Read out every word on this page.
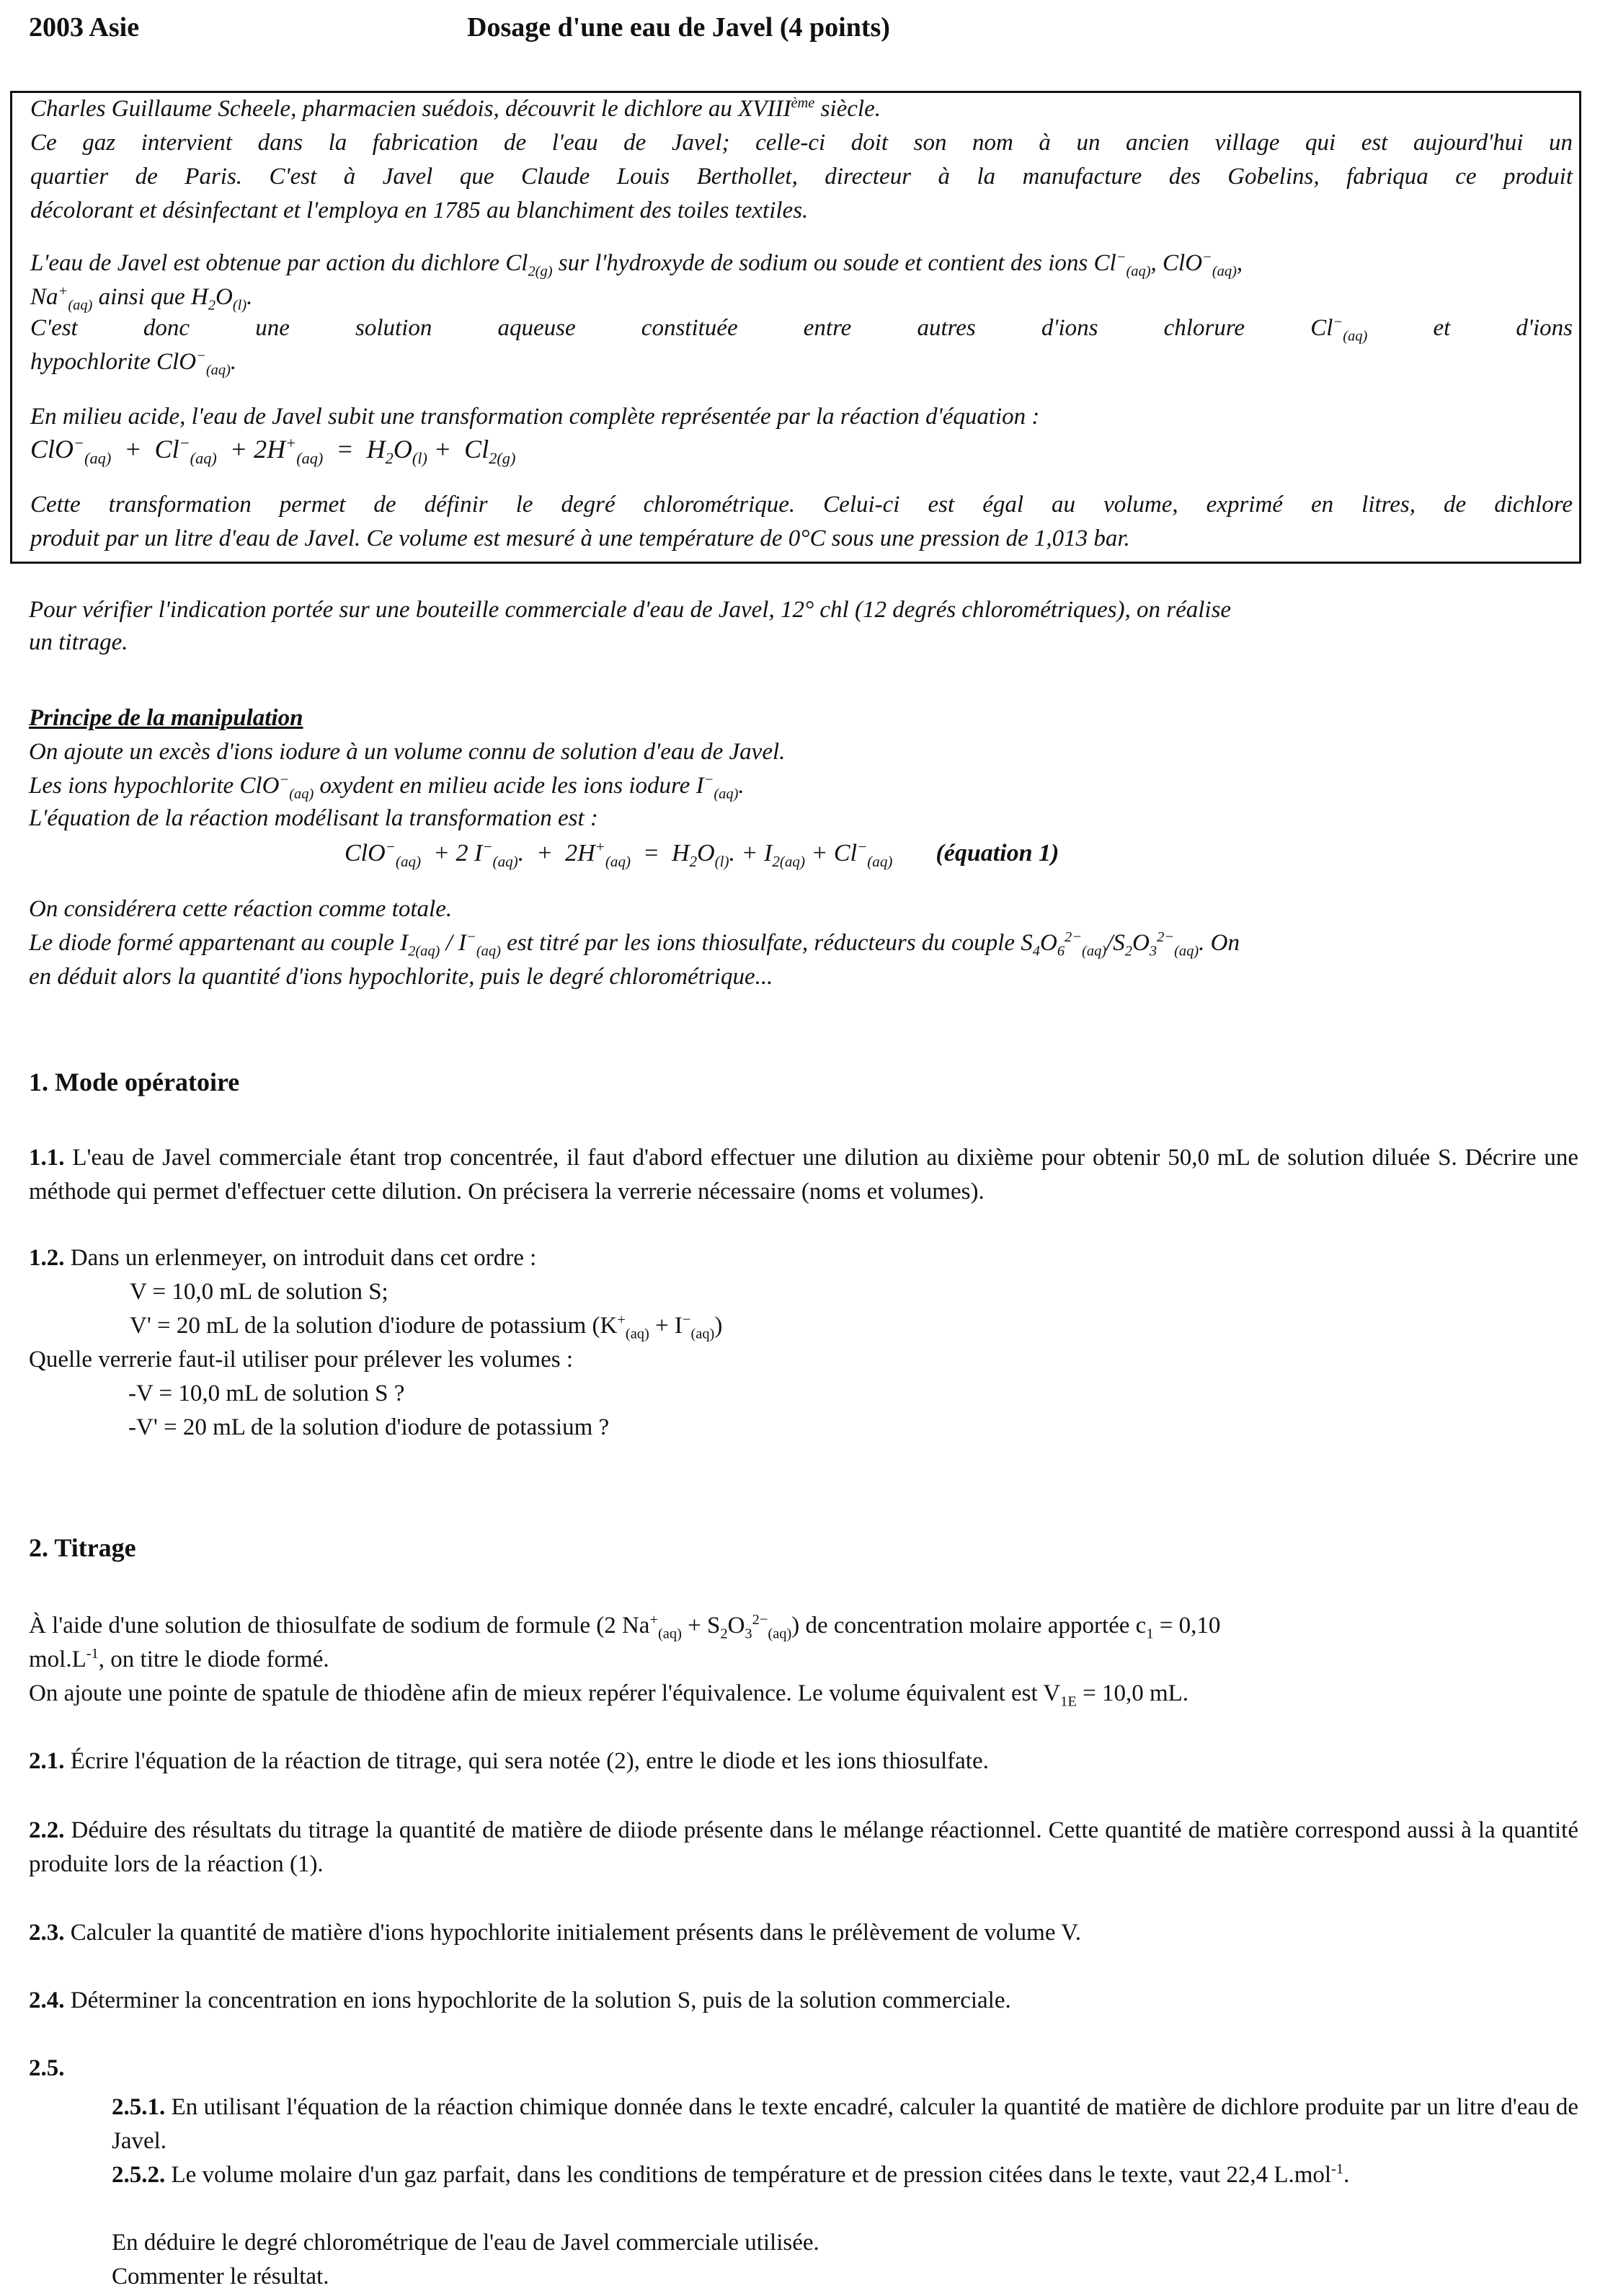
2003 Asie	Dosage d'une eau de Javel (4 points)
Charles Guillaume Scheele, pharmacien suédois, découvrit le dichlore au XVIIIème siècle.
Ce gaz intervient dans la fabrication de l'eau de Javel; celle-ci doit son nom à un ancien village qui est aujourd'hui un
quartier de Paris. C'est à Javel que Claude Louis Berthollet, directeur à la manufacture des Gobelins, fabriqua ce produit
décolorant et désinfectant et l'employa en 1785 au blanchiment des toiles textiles.
L'eau de Javel est obtenue par action du dichlore $Cl_{2(g)}$ sur l'hydroxyde de sodium ou soude et contient des ions $Cl^-_{(aq)}$, ClO−$_{(aq)}$,
$Na^+_{(aq)}$ ainsi que $H_2O_{(l)}$.
C'est donc une solution aqueuse constituée entre autres d'ions chlorure $Cl^-_{(aq)}$ et d'ions
hypochlorite ClO−$_{(aq)}$.
En milieu acide, l'eau de Javel subit une transformation complète représentée par la réaction d'équation :
$ClO^-_{(aq)} + Cl^-_{(aq)} + 2H^+_{(aq)} = H_2O_{(l)} + Cl_{2(g)}$
Cette transformation permet de définir le degré chlorométrique. Celui-ci est égal au volume, exprimé en litres, de dichlore
produit par un litre d'eau de Javel. Ce volume est mesuré à une température de 0°C sous une pression de 1,013 bar.
Pour vérifier l'indication portée sur une bouteille commerciale d'eau de Javel, 12° chl (12 degrés chlorométriques), on réalise
un titrage.
Principe de la manipulation
On ajoute un excès d'ions iodure à un volume connu de solution d'eau de Javel.
Les ions hypochlorite ClO−$_{(aq)}$ oxydent en milieu acide les ions iodure $I^-_{(aq)}$.
L'équation de la réaction modélisant la transformation est :
ClO−$_{(aq)}$  + 2 $I^-_{(aq)}$.  +  $2H^+_{(aq)} = H_2O_{(l)}$. + $I_{2(aq)} + Cl^-_{(aq)}$ (équation 1)
On considérera cette réaction comme totale.
Le diode formé appartenant au couple $I_{2(aq)} / I^-_{(aq)}$ est titré par les ions thiosulfate, réducteurs du couple $S_4O_6^{2-}_{(aq)}/S_2O_3^{2-}_{(aq)}$. On
en déduit alors la quantité d'ions hypochlorite, puis le degré chlorométrique...
1. Mode opératoire
1.1. L'eau de Javel commerciale étant trop concentrée, il faut d'abord effectuer une dilution au dixième pour obtenir 50,0 mL de solution diluée S. Décrire une méthode qui permet d'effectuer cette dilution. On précisera la verrerie nécessaire (noms et volumes).
1.2. Dans un erlenmeyer, on introduit dans cet ordre :
V = 10,0 mL de solution S;
V' = 20 mL de la solution d'iodure de potassium $(K^+_{(aq)} + I^-_{(aq)})$
Quelle verrerie faut-il utiliser pour prélever les volumes :
-V = 10,0 mL de solution S ?
-V' = 20 mL de la solution d'iodure de potassium ?
2. Titrage
À l'aide d'une solution de thiosulfate de sodium de formule (2 $Na^+_{(aq)} + S_2O_3^{2-}_{(aq)}$) de concentration molaire apportée $c_1 = 0,10$
$mol.L^{-1}$, on titre le diode formé.
On ajoute une pointe de spatule de thiodène afin de mieux repérer l'équivalence. Le volume équivalent est $V_{1E} = 10,0$ mL.
2.1. Écrire l'équation de la réaction de titrage, qui sera notée (2), entre le diode et les ions thiosulfate.
2.2. Déduire des résultats du titrage la quantité de matière de diiode présente dans le mélange réactionnel. Cette quantité de matière correspond aussi à la quantité produite lors de la réaction (1).
2.3. Calculer la quantité de matière d'ions hypochlorite initialement présents dans le prélèvement de volume V.
2.4. Déterminer la concentration en ions hypochlorite de la solution S, puis de la solution commerciale.
2.5.
2.5.1. En utilisant l'équation de la réaction chimique donnée dans le texte encadré, calculer la quantité de matière de dichlore produite par un litre d'eau de Javel.
2.5.2. Le volume molaire d'un gaz parfait, dans les conditions de température et de pression citées dans le texte, vaut 22,4 L.mol$^{-1}$.
En déduire le degré chlorométrique de l'eau de Javel commerciale utilisée.
Commenter le résultat.
